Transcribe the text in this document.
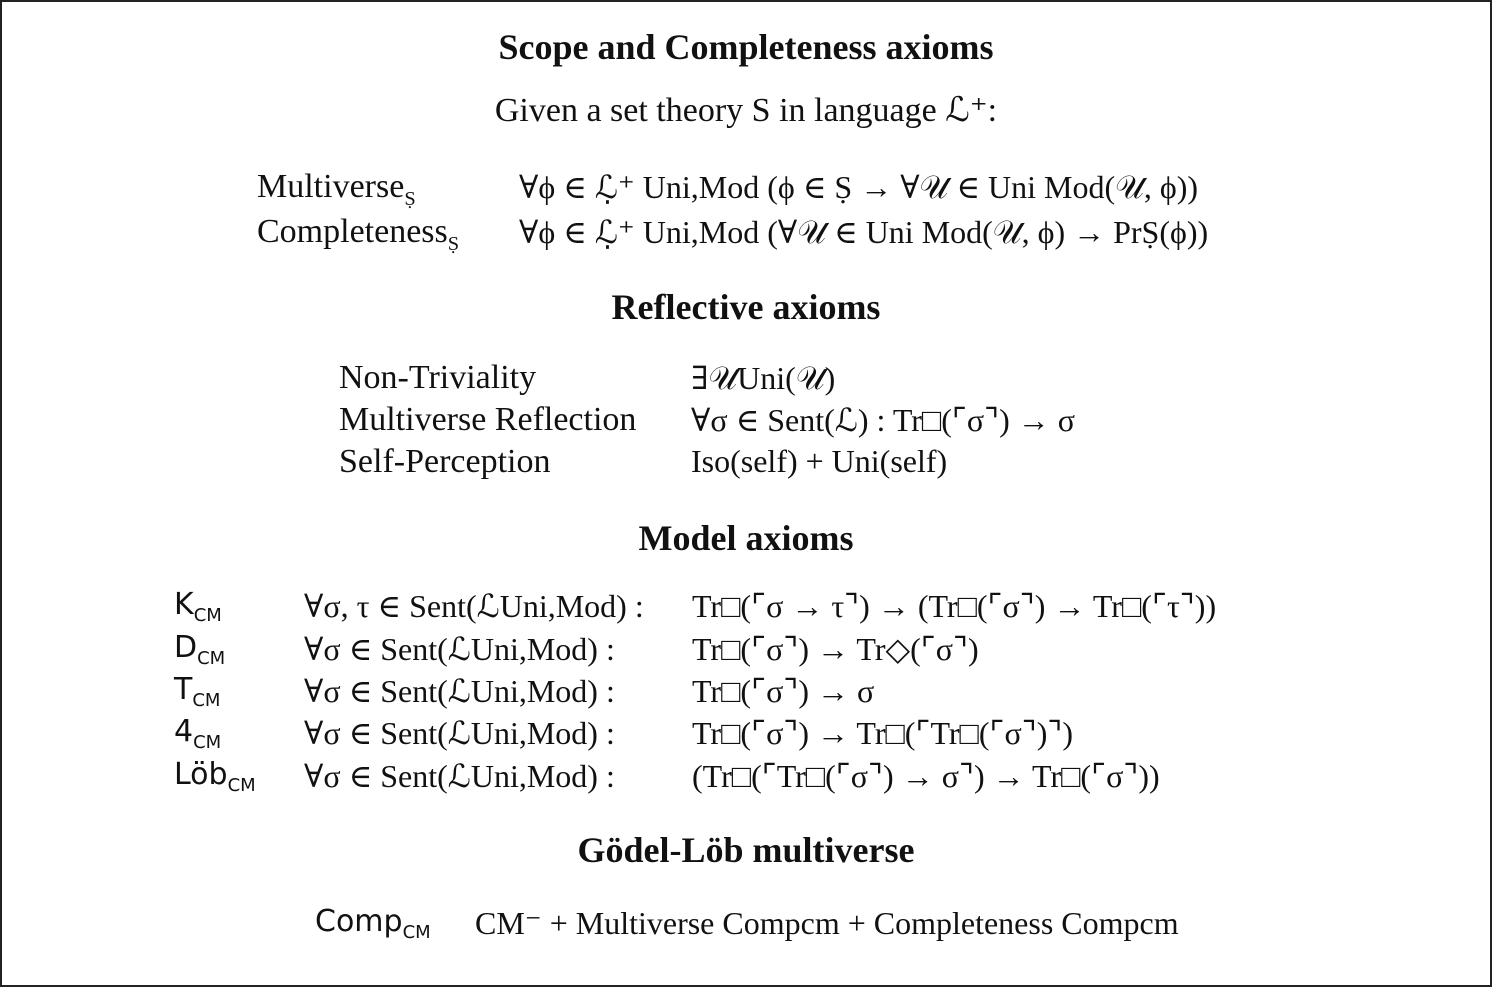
Scope and Completeness axioms
Given a set theory S in language ℒ⁺:
Multiverse$_Ṣ$	∀ϕ ∈ ℒ̣⁺ Uni,Mod (ϕ ∈ Ṣ → ∀𝒰 ∈ Uni Mod(𝒰, ϕ))
Completeness$_Ṣ$ ∀ϕ ∈ ℒ̣⁺ Uni,Mod (∀𝒰 ∈ Uni Mod(𝒰, ϕ) → PrṢ(ϕ))
Reflective axioms
Non-Triviality	∃𝒰Uni(𝒰)
Multiverse Reflection ∀σ ∈ Sent(ℒ) : Tr□(⌜σ⌝) → σ
Self-Perception	Iso(self) + Uni(self)
Model axioms
$K_{CM}$	∀σ, τ ∈ Sent(ℒUni,Mod) : Tr□(⌜σ → τ⌝) → (Tr□(⌜σ⌝) → Tr□(⌜τ⌝))
$D_{CM}$ ∀σ ∈ Sent(ℒUni,Mod) : Tr□(⌜σ⌝) → Tr◇(⌜σ⌝)
$T_{CM}$	∀σ ∈ Sent(ℒUni,Mod) : Tr□(⌜σ⌝) → σ
$4_{CM}$	∀σ ∈ Sent(ℒUni,Mod) : Tr□(⌜σ⌝) → Tr□(⌜Tr□(⌜σ⌝)⌝)
Löb$_{CM}$ ∀σ ∈ Sent(ℒUni,Mod) : (Tr□(⌜Tr□(⌜σ⌝) → σ⌝) → Tr□(⌜σ⌝))
Gödel-Löb multiverse
Comp$_{CM}$ CM⁻ + Multiverse Compcm + Completeness Compcm
